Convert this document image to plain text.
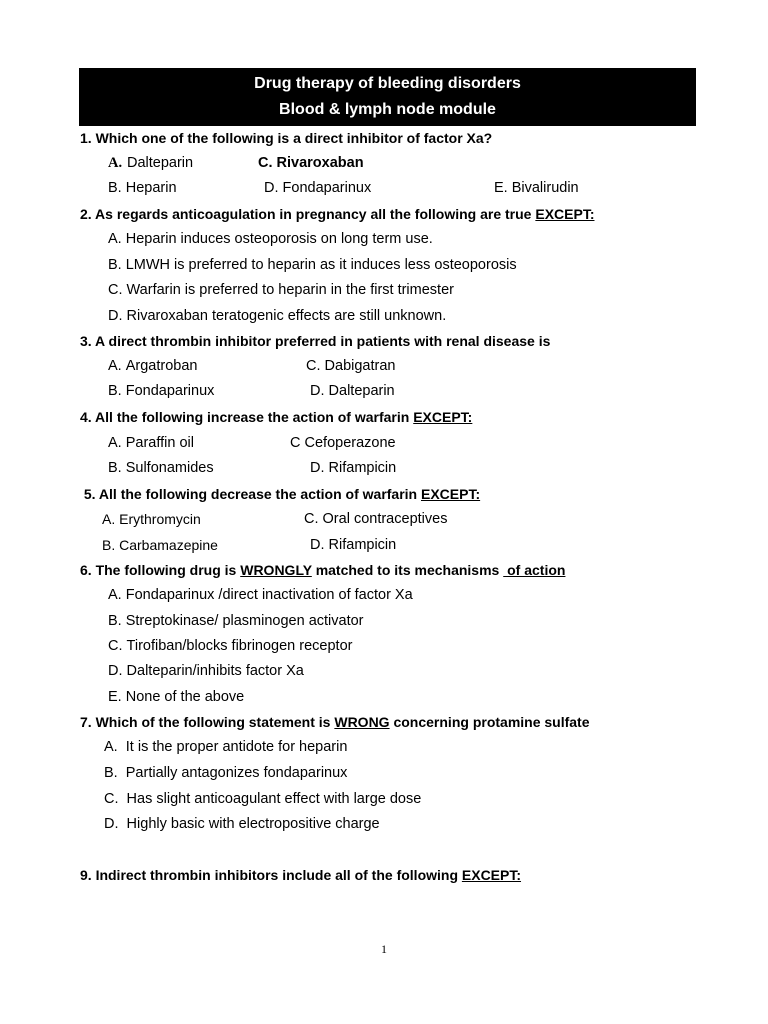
Drug therapy of bleeding disorders
Blood & lymph node module
1. Which one of the following is a direct inhibitor of factor Xa?
A. Dalteparin	C. Rivaroxaban
B. Heparin	D. Fondaparinux	E. Bivalirudin
2. As regards anticoagulation in pregnancy all the following are true EXCEPT:
A. Heparin induces osteoporosis on long term use.
B. LMWH is preferred to heparin as it induces less osteoporosis
C. Warfarin is preferred to heparin in the first trimester
D. Rivaroxaban teratogenic effects are still unknown.
3. A direct thrombin inhibitor preferred in patients with renal disease is
A. Argatroban	C. Dabigatran
B. Fondaparinux	D. Dalteparin
4. All the following increase the action of warfarin EXCEPT:
A. Paraffin oil	C Cefoperazone
B. Sulfonamides	D. Rifampicin
5. All the following decrease the action of warfarin EXCEPT:
A. Erythromycin	C. Oral contraceptives
B. Carbamazepine	D. Rifampicin
6. The following drug is WRONGLY matched to its mechanisms  of action
A. Fondaparinux /direct inactivation of factor Xa
B. Streptokinase/ plasminogen activator
C. Tirofiban/blocks fibrinogen receptor
D. Dalteparin/inhibits factor Xa
E. None of the above
7. Which of the following statement is WRONG concerning protamine sulfate
A.  It is the proper antidote for heparin
B.  Partially antagonizes fondaparinux
C.  Has slight anticoagulant effect with large dose
D.  Highly basic with electropositive charge
9. Indirect thrombin inhibitors include all of the following EXCEPT:
1
